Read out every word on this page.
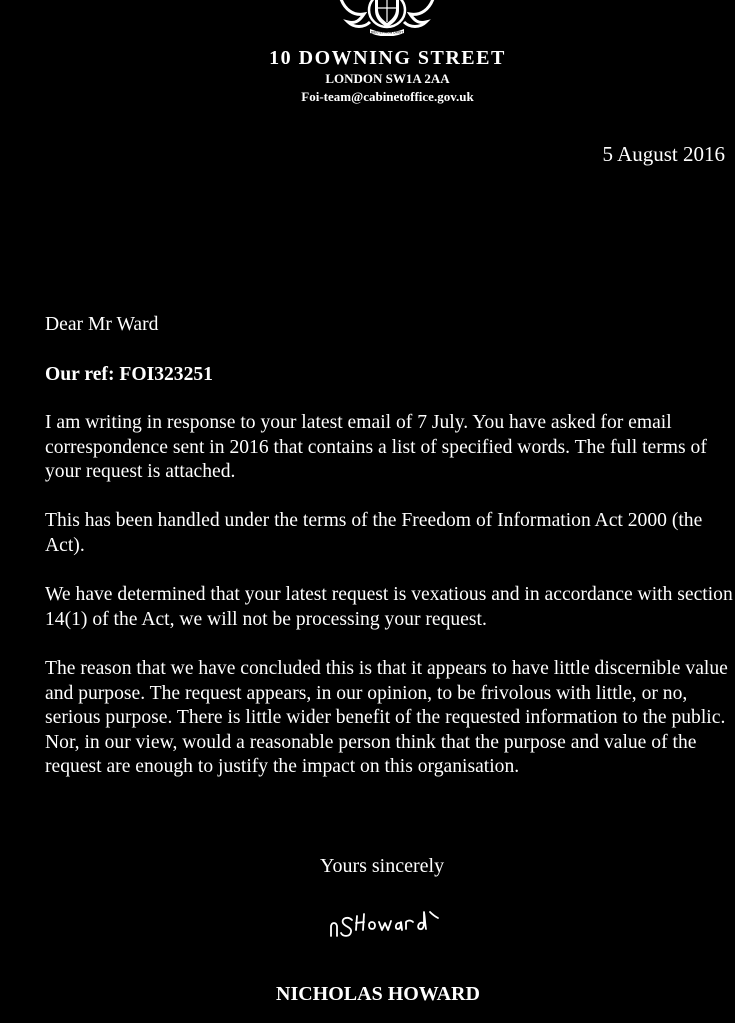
DIEU ET MON DROIT
10 DOWNING STREET
LONDON SW1A 2AA
Foi-team@cabinetoffice.gov.uk
5 August 2016

Dear Mr Ward

Our ref: FOI323251

I am writing in response to your latest email of 7 July. You have asked for email correspondence sent in 2016 that contains a list of specified words. The full terms of your request is attached.

This has been handled under the terms of the Freedom of Information Act 2000 (the Act).

We have determined that your latest request is vexatious and in accordance with section 14(1) of the Act, we will not be processing your request.

The reason that we have concluded this is that it appears to have little discernible value and purpose. The request appears, in our opinion, to be frivolous with little, or no, serious purpose. There is little wider benefit of the requested information to the public. Nor, in our view, would a reasonable person think that the purpose and value of the request are enough to justify the impact on this organisation.

Yours sincerely
NSHoward
NICHOLAS HOWARD
